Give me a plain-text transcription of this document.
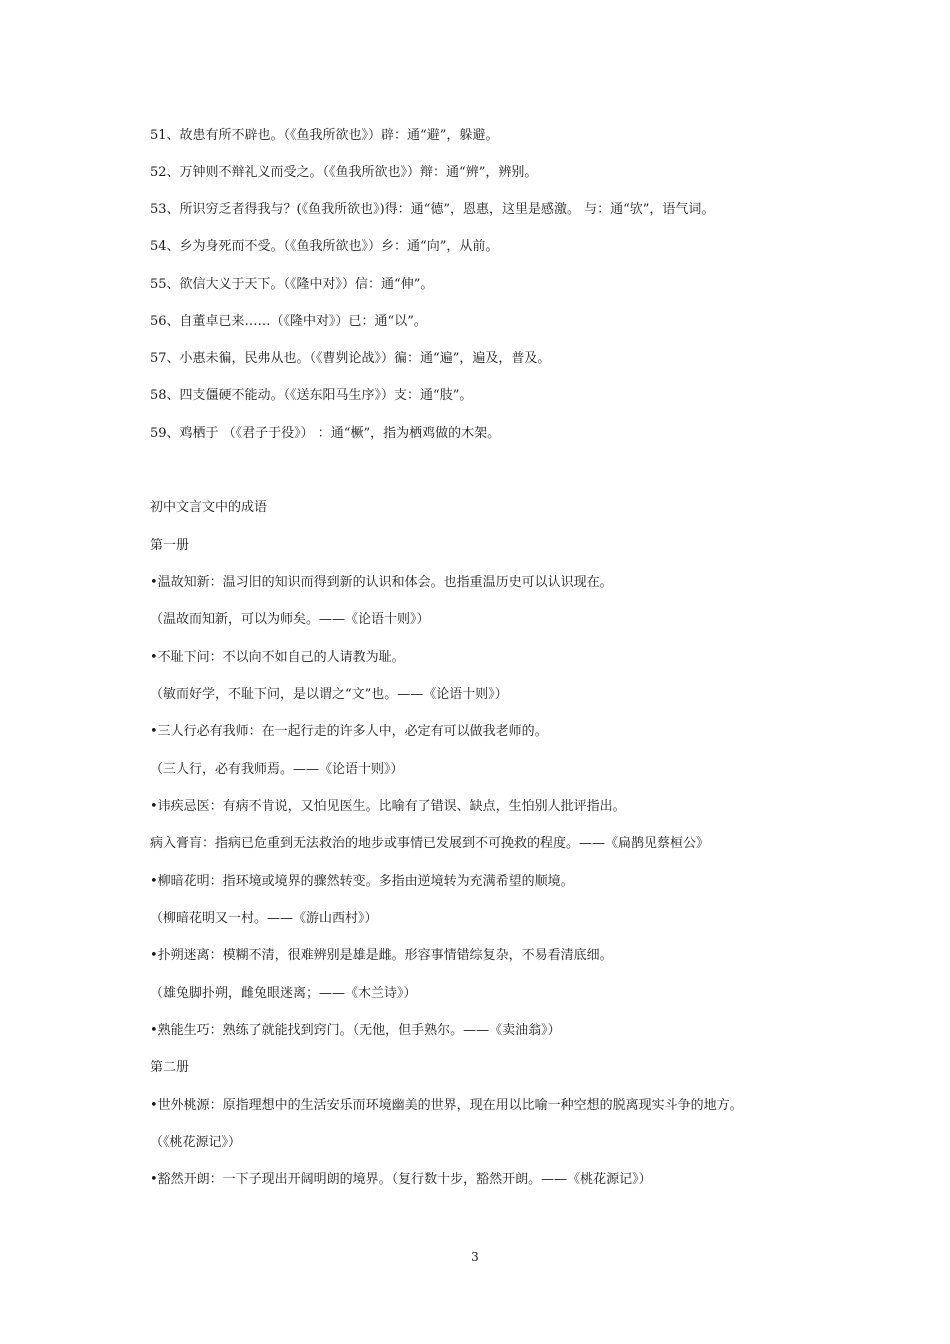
51、故患有所不辟也。（《鱼我所欲也》）辟：通“避”，躲避。
52、万钟则不辩礼义而受之。（《鱼我所欲也》）辩：通“辨”，辨别。
53、所识穷乏者得我与？(《鱼我所欲也》)得：通“德”，恩惠，这里是感激。 与：通“欤”，语气词。
54、乡为身死而不受。（《鱼我所欲也》）乡：通“向”，从前。
55、欲信大义于天下。（《隆中对》）信：通“伸”。
56、自董卓已来……（《隆中对》）已：通“以”。
57、小惠未徧，民弗从也。（《曹刿论战》）徧：通“遍”，遍及，普及。
58、四支僵硬不能动。（《送东阳马生序》）支：通“肢”。
59、鸡栖于 （《君子于役》） ：通“橛”，指为栖鸡做的木架。
初中文言文中的成语
第一册
•温故知新：温习旧的知识而得到新的认识和体会。也指重温历史可以认识现在。
（温故而知新，可以为师矣。——《论语十则》）
•不耻下问：不以向不如自己的人请教为耻。
（敏而好学，不耻下问，是以谓之“文”也。——《论语十则》）
•三人行必有我师：在一起行走的许多人中，必定有可以做我老师的。
（三人行，必有我师焉。——《论语十则》）
•讳疾忌医：有病不肯说，又怕见医生。比喻有了错误、缺点，生怕别人批评指出。
病入膏肓：指病已危重到无法救治的地步或事情已发展到不可挽救的程度。——《扁鹊见蔡桓公》
•柳暗花明：指环境或境界的骤然转变。多指由逆境转为充满希望的顺境。
（柳暗花明又一村。——《游山西村》）
•扑朔迷离：模糊不清，很难辨别是雄是雌。形容事情错综复杂，不易看清底细。
（雄兔脚扑朔，雌兔眼迷离；——《木兰诗》）
•熟能生巧：熟练了就能找到窍门。（无他，但手熟尔。——《卖油翁》）
第二册
•世外桃源：原指理想中的生活安乐而环境幽美的世界，现在用以比喻一种空想的脱离现实斗争的地方。
（《桃花源记》）
•豁然开朗：一下子现出开阔明朗的境界。（复行数十步，豁然开朗。——《桃花源记》）
3
